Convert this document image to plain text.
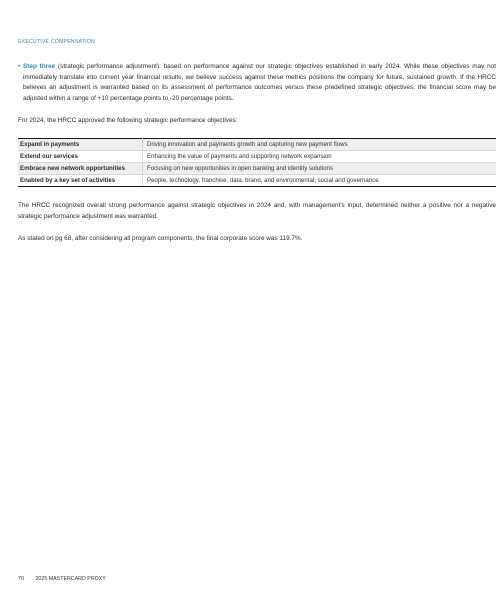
EXECUTIVE COMPENSATION
• Step three (strategic performance adjustment): based on performance against our strategic objectives established in early 2024. While these objectives may not immediately translate into current year financial results, we believe success against these metrics positions the company for future, sustained growth. If the HRCC believes an adjustment is warranted based on its assessment of performance outcomes versus these predefined strategic objectives, the financial score may be adjusted within a range of +10 percentage points to -20 percentage points.
For 2024, the HRCC approved the following strategic performance objectives:
Expand in payments	Driving innovation and payments growth and capturing new payment flows
Extend our services	Enhancing the value of payments and supporting network expansion
Embrace new network opportunities	Focusing on new opportunities in open banking and identity solutions
Enabled by a key set of activities	People, technology, franchise, data, brand, and environmental, social and governance
The HRCC recognized overall strong performance against strategic objectives in 2024 and, with management's input, determined neither a positive nor a negative strategic performance adjustment was warranted.
As stated on pg 68, after considering all program components, the final corporate score was 119.7%.
70 2025 MASTERCARD PROXY
